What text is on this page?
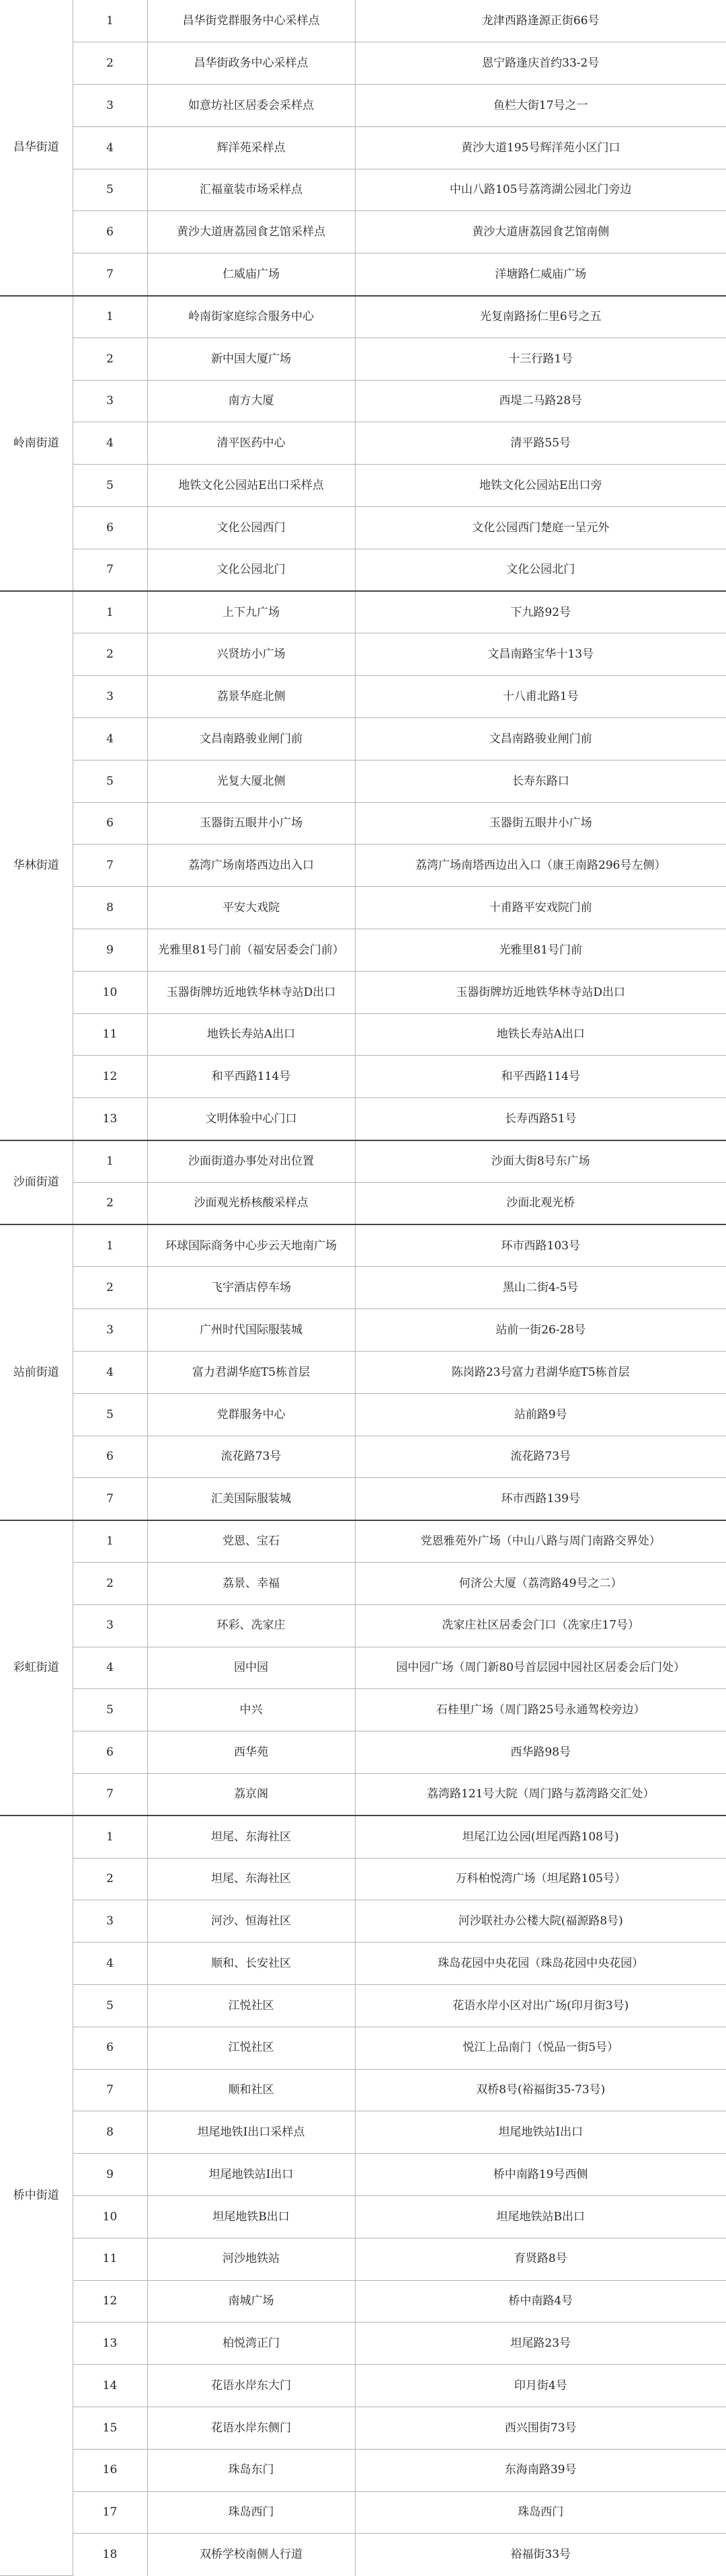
昌华街道	1	昌华街党群服务中心采样点	龙津西路逢源正街66号
	2	昌华街政务中心采样点	恩宁路逢庆首约33-2号
	3	如意坊社区居委会采样点	鱼栏大街17号之一
	4	辉洋苑采样点	黄沙大道195号辉洋苑小区门口
	5	汇福童装市场采样点	中山八路105号荔湾湖公园北门旁边
	6	黄沙大道唐荔园食艺馆采样点	黄沙大道唐荔园食艺馆南侧
	7	仁威庙广场	洋塘路仁威庙广场
岭南街道	1	岭南街家庭综合服务中心	光复南路扬仁里6号之五
	2	新中国大厦广场	十三行路1号
	3	南方大厦	西堤二马路28号
	4	清平医药中心	清平路55号
	5	地铁文化公园站E出口采样点	地铁文化公园站E出口旁
	6	文化公园西门	文化公园西门楚庭一呈元外
	7	文化公园北门	文化公园北门
华林街道	1	上下九广场	下九路92号
	2	兴贤坊小广场	文昌南路宝华十13号
	3	荔景华庭北侧	十八甫北路1号
	4	文昌南路骏业闸门前	文昌南路骏业闸门前
	5	光复大厦北侧	长寿东路口
	6	玉器街五眼井小广场	玉器街五眼井小广场
	7	荔湾广场南塔西边出入口	荔湾广场南塔西边出入口（康王南路296号左侧）
	8	平安大戏院	十甫路平安戏院门前
	9	光雅里81号门前（福安居委会门前）	光雅里81号门前
	10	玉器街牌坊近地铁华林寺站D出口	玉器街牌坊近地铁华林寺站D出口
	11	地铁长寿站A出口	地铁长寿站A出口
	12	和平西路114号	和平西路114号
	13	文明体验中心门口	长寿西路51号
沙面街道	1	沙面街道办事处对出位置	沙面大街8号东广场
	2	沙面观光桥核酸采样点	沙面北观光桥
站前街道	1	环球国际商务中心步云天地南广场	环市西路103号
	2	飞宇酒店停车场	黑山二街4-5号
	3	广州时代国际服装城	站前一街26-28号
	4	富力君湖华庭T5栋首层	陈岗路23号富力君湖华庭T5栋首层
	5	党群服务中心	站前路9号
	6	流花路73号	流花路73号
	7	汇美国际服装城	环市西路139号
彩虹街道	1	党恩、宝石	党恩雅苑外广场（中山八路与周门南路交界处）
	2	荔景、幸福	何济公大厦（荔湾路49号之二）
	3	环彩、冼家庄	冼家庄社区居委会门口（冼家庄17号）
	4	园中园	园中园广场（周门新80号首层园中园社区居委会后门处）
	5	中兴	石桂里广场（周门路25号永通驾校旁边）
	6	西华苑	西华路98号
	7	荔京阁	荔湾路121号大院（周门路与荔湾路交汇处）
桥中街道	1	坦尾、东海社区	坦尾江边公园(坦尾西路108号)
	2	坦尾、东海社区	万科柏悦湾广场（坦尾路105号）
	3	河沙、恒海社区	河沙联社办公楼大院(福源路8号)
	4	顺和、长安社区	珠岛花园中央花园（珠岛花园中央花园）
	5	江悦社区	花语水岸小区对出广场(印月街3号)
	6	江悦社区	悦江上品南门（悦品一街5号）
	7	顺和社区	双桥8号(裕福街35-73号)
	8	坦尾地铁I出口采样点	坦尾地铁站I出口
	9	坦尾地铁站I出口	桥中南路19号西侧
	10	坦尾地铁B出口	坦尾地铁站B出口
	11	河沙地铁站	育贤路8号
	12	南城广场	桥中南路4号
	13	柏悦湾正门	坦尾路23号
	14	花语水岸东大门	印月街4号
	15	花语水岸东侧门	西兴围街73号
	16	珠岛东门	东海南路39号
	17	珠岛西门	珠岛西门
	18	双桥学校南侧人行道	裕福街33号
